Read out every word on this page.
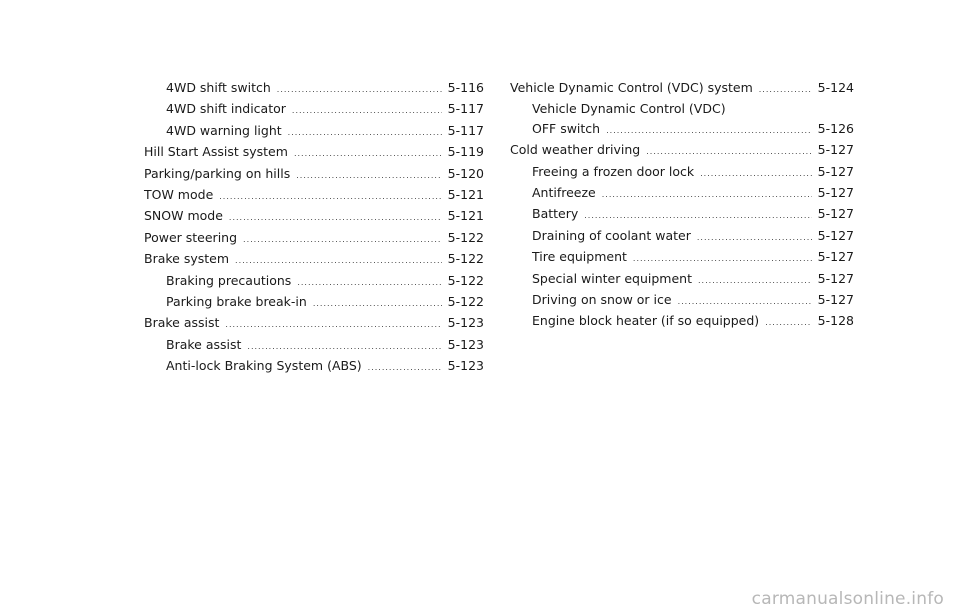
4WD shift switch .....	5-116
4WD shift indicator .....	5-117
4WD warning light .....	5-117
Hill Start Assist system .....	5-119
Parking/parking on hills .....	5-120
TOW mode .....	5-121
SNOW mode .....	5-121
Power steering .....	5-122
Brake system .....	5-122
Braking precautions .....	5-122
Parking brake break-in .....	5-122
Brake assist .....	5-123
Brake assist .....	5-123
Anti-lock Braking System (ABS) .....	5-123
Vehicle Dynamic Control (VDC) system .....	5-124
Vehicle Dynamic Control (VDC)
OFF switch .....	5-126
Cold weather driving .....	5-127
Freeing a frozen door lock .....	5-127
Antifreeze .....	5-127
Battery .....	5-127
Draining of coolant water .....	5-127
Tire equipment .....	5-127
Special winter equipment .....	5-127
Driving on snow or ice .....	5-127
Engine block heater (if so equipped) .....	5-128
carmanualsonline.info
